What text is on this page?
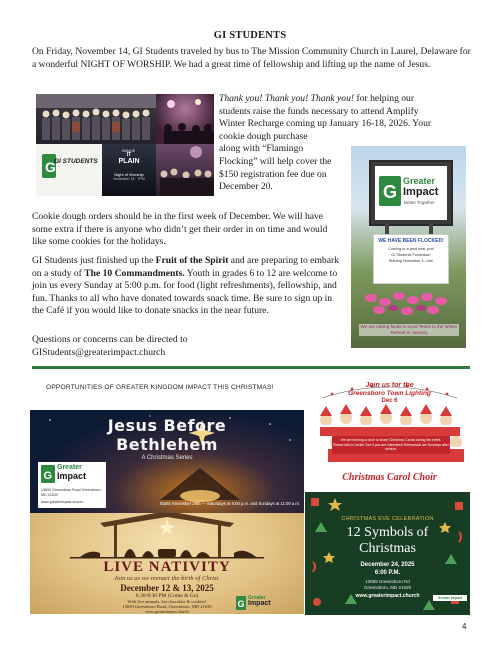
GI STUDENTS
On Friday, November 14, GI Students traveled by bus to The Mission Community Church in Laurel, Delaware for a wonderful NIGHT OF WORSHIP. We had a great time of fellowship and lifting up the name of Jesus.
G
GI STUDENTS
MAKE
IT
PLAIN
Night of Worship
November 14 · 7PM
Thank you! Thank you! Thank you! for helping our
students raise the funds necessary to attend Amplify
Winter Recharge coming up January 16-18, 2026. Your
cookie dough purchase
along with “Flamingo
Flocking” will help cover the
$150 registration fee due on
December 20.	G
Greater
Impact
Better Together
WE HAVE BEEN FLOCKED!
Coming to a yard near you!
GI Students Fundraiser
Starting November 1—ish!
We are raising funds to send Teens to the Winter Retreat in January
Cookie dough orders should be in the first week of December. We will have some extra if there is anyone who didn’t get their order in on time and would like some cookies for the holidays.
GI Students just finished up the Fruit of the Spirit and are preparing to embark on a study of The 10 Commandments. Youth in grades 6 to 12 are welcome to join us every Sunday at 5:00 p.m. for food (light refreshments), fellowship, and fun. Thanks to all who have donated towards snack time. Be sure to sign up in the Café if you would like to donate snacks in the near future.
Questions or concerns can be directed to
GIStudents@greaterimpact.church
OPPORTUNITIES OF GREATER KINGDOM IMPACT THIS CHRISTMAS!
Jesus Before
Bethlehem
A Christmas Series
G
Greater
Impact
13699 Greensboro Road Greensboro, MD 21639
www.greaterimpact.church	Starts November 29th — Saturdays at 6:00 p.m. and Sundays at 11:00 a.m.
Join us for the
Greensboro Town Lighting
Dec 6
We are forming a choir to share Christmas Carols during the event.
Please talk to Jackie Gee if you are interested! Rehearsals are Sundays after service.
Christmas Carol Choir
LIVE NATIVITY
Join us as we reenact the birth of Christ.
December 12 & 13, 2025
6:30-8:30 PM (Come & Go)
With live animals, hot chocolate & cookies!
13699 Greensboro Road, Greensboro, MD 21639
www.greaterimpact.church
G
Greater
Impact
CHRISTMAS EVE CELEBRATION
12 Symbols of
Christmas
December 24, 2025
6:00 P.M.
13699 Greensboro Rd
Greensboro, MD 21639
www.greaterimpact.church	Greater Impact
4
